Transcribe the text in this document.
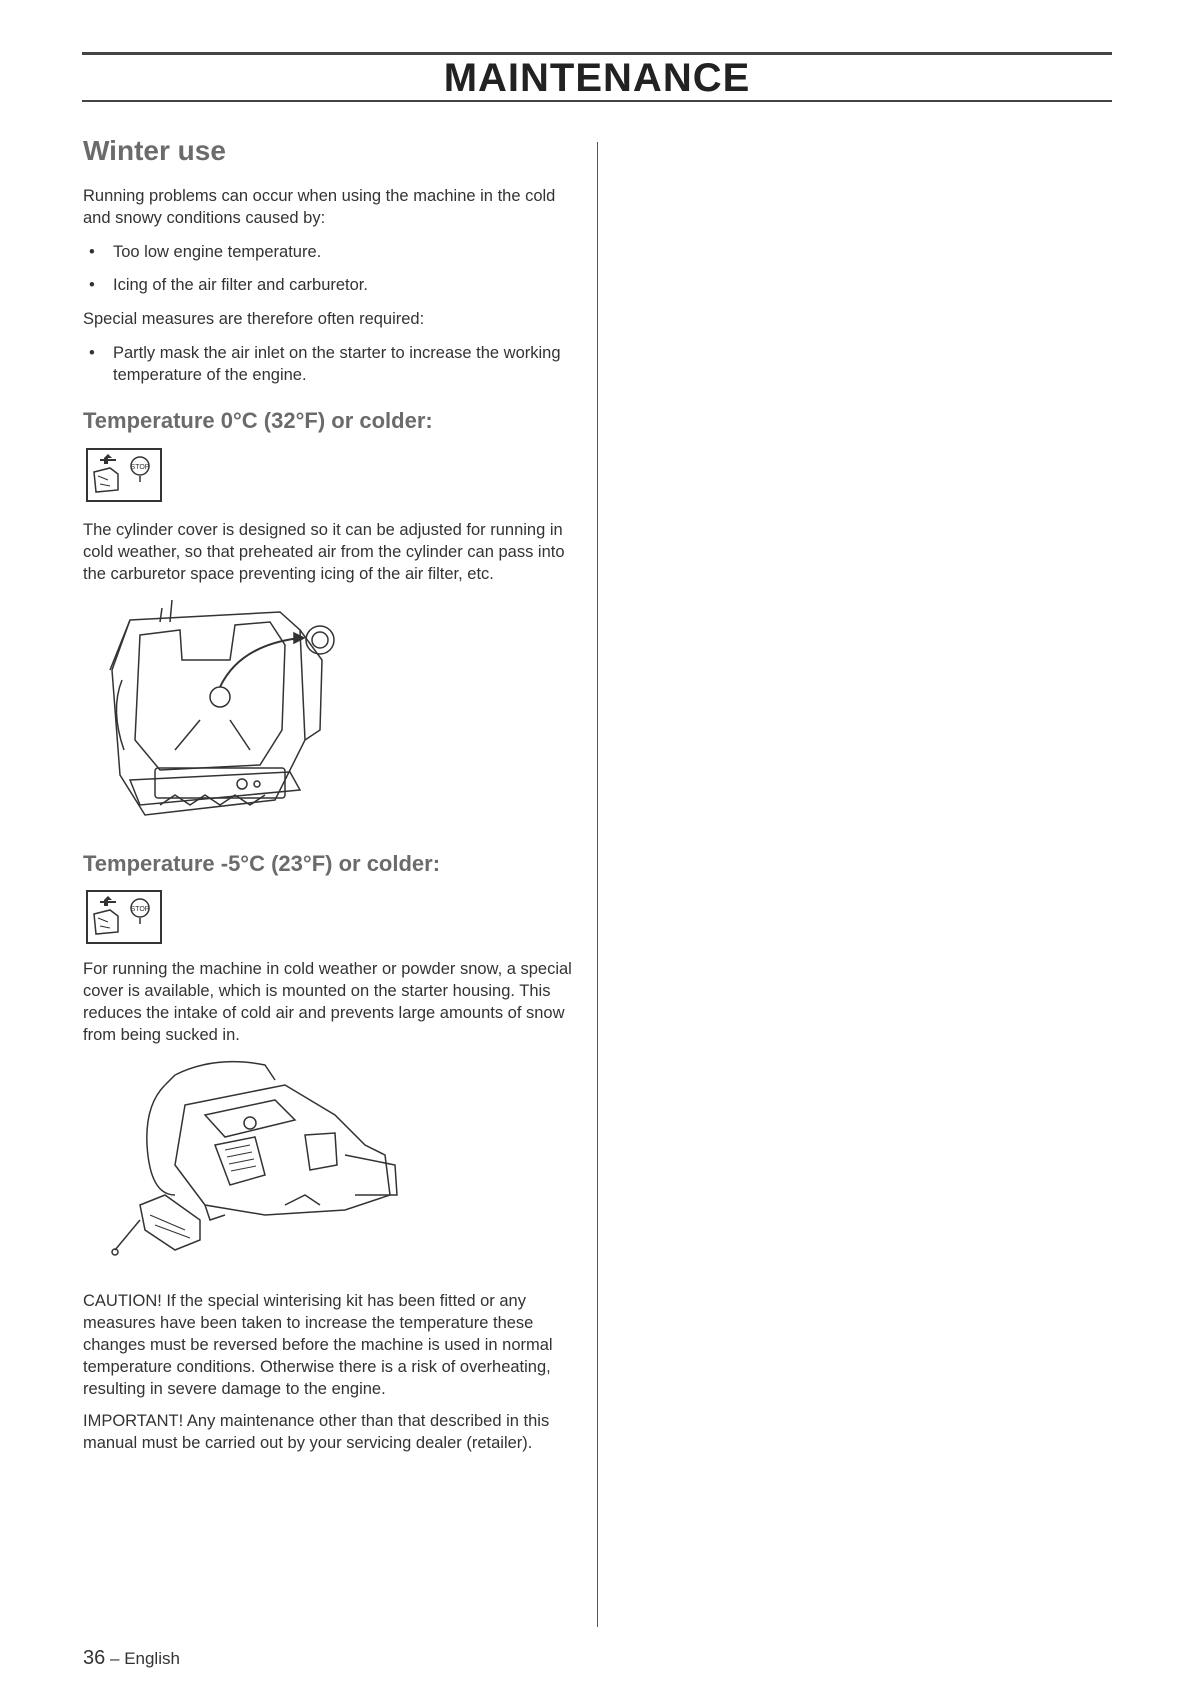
MAINTENANCE
Winter use

Running problems can occur when using the machine in the cold and snowy conditions caused by:

• Too low engine temperature.
• Icing of the air filter and carburetor.

Special measures are therefore often required:

• Partly mask the air inlet on the starter to increase the working temperature of the engine.
Temperature 0°C (32°F) or colder:
STOP

The cylinder cover is designed so it can be adjusted for running in cold weather, so that preheated air from the cylinder can pass into the carburetor space preventing icing of the air filter, etc.

Temperature -5°C (23°F) or colder:
STOP

For running the machine in cold weather or powder snow, a special cover is available, which is mounted on the starter housing. This reduces the intake of cold air and prevents large amounts of snow from being sucked in.

CAUTION! If the special winterising kit has been fitted or any measures have been taken to increase the temperature these changes must be reversed before the machine is used in normal temperature conditions. Otherwise there is a risk of overheating, resulting in severe damage to the engine.

IMPORTANT! Any maintenance other than that described in this manual must be carried out by your servicing dealer (retailer).

36 – English
